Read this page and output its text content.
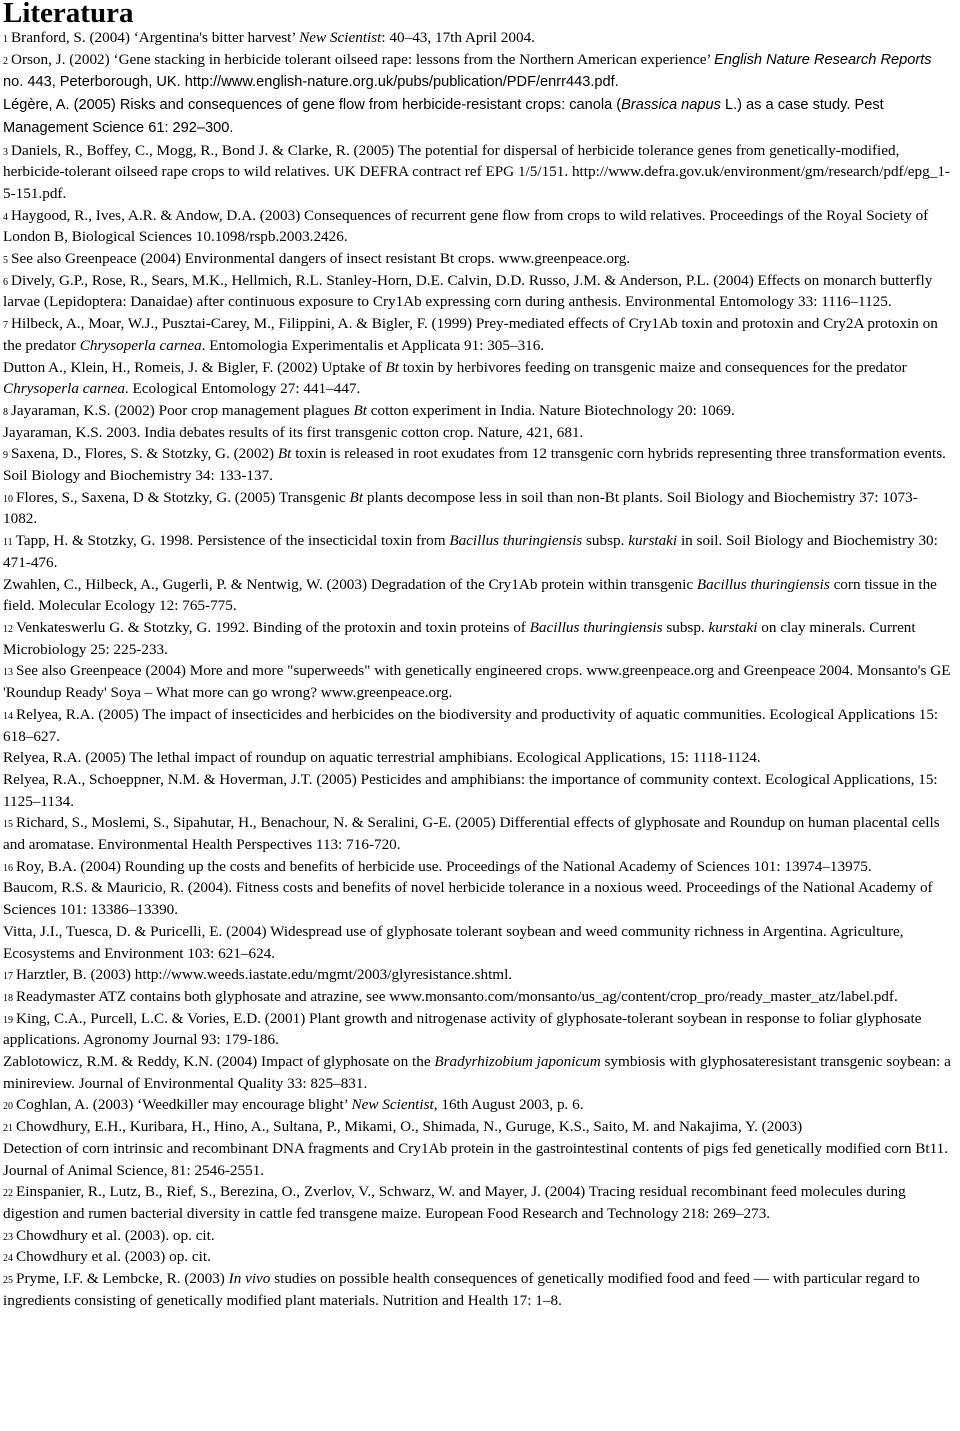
Literatura

1 Branford, S. (2004) ‘Argentina's bitter harvest’ New Scientist: 40–43, 17th April 2004.

2 Orson, J. (2002) ‘Gene stacking in herbicide tolerant oilseed rape: lessons from the Northern American experience’ English Nature Research Reports no. 443, Peterborough, UK. http://www.english-nature.org.uk/pubs/publication/PDF/enrr443.pdf.

Légère, A. (2005) Risks and consequences of gene flow from herbicide-resistant crops: canola (Brassica napus L.) as a case study. Pest Management Science 61: 292–300.

3 Daniels, R., Boffey, C., Mogg, R., Bond J. & Clarke, R. (2005) The potential for dispersal of herbicide tolerance genes from genetically-modified, herbicide-tolerant oilseed rape crops to wild relatives. UK DEFRA contract ref EPG 1/5/151. http://www.defra.gov.uk/environment/gm/research/pdf/epg_1-5-151.pdf.

4 Haygood, R., Ives, A.R. & Andow, D.A. (2003) Consequences of recurrent gene flow from crops to wild relatives. Proceedings of the Royal Society of London B, Biological Sciences 10.1098/rspb.2003.2426.

5 See also Greenpeace (2004) Environmental dangers of insect resistant Bt crops. www.greenpeace.org.

6 Dively, G.P., Rose, R., Sears, M.K., Hellmich, R.L. Stanley-Horn, D.E. Calvin, D.D. Russo, J.M. & Anderson, P.L. (2004) Effects on monarch butterfly larvae (Lepidoptera: Danaidae) after continuous exposure to Cry1Ab expressing corn during anthesis. Environmental Entomology 33: 1116–1125.

7 Hilbeck, A., Moar, W.J., Pusztai-Carey, M., Filippini, A. & Bigler, F. (1999) Prey-mediated effects of Cry1Ab toxin and protoxin and Cry2A protoxin on the predator Chrysoperla carnea. Entomologia Experimentalis et Applicata 91: 305–316.

Dutton A., Klein, H., Romeis, J. & Bigler, F. (2002) Uptake of Bt toxin by herbivores feeding on transgenic maize and consequences for the predator Chrysoperla carnea. Ecological Entomology 27: 441–447.

8 Jayaraman, K.S. (2002) Poor crop management plagues Bt cotton experiment in India. Nature Biotechnology 20: 1069.

Jayaraman, K.S. 2003. India debates results of its first transgenic cotton crop. Nature, 421, 681.

9 Saxena, D., Flores, S. & Stotzky, G. (2002) Bt toxin is released in root exudates from 12 transgenic corn hybrids representing three transformation events. Soil Biology and Biochemistry 34: 133-137.

10 Flores, S., Saxena, D & Stotzky, G. (2005) Transgenic Bt plants decompose less in soil than non-Bt plants. Soil Biology and Biochemistry 37: 1073-1082.

11 Tapp, H. & Stotzky, G. 1998. Persistence of the insecticidal toxin from Bacillus thuringiensis subsp. kurstaki in soil. Soil Biology and Biochemistry 30: 471-476.

Zwahlen, C., Hilbeck, A., Gugerli, P. & Nentwig, W. (2003) Degradation of the Cry1Ab protein within transgenic Bacillus thuringiensis corn tissue in the field. Molecular Ecology 12: 765-775.

12 Venkateswerlu G. & Stotzky, G. 1992. Binding of the protoxin and toxin proteins of Bacillus thuringiensis subsp. kurstaki on clay minerals. Current Microbiology 25: 225-233.

13 See also Greenpeace (2004) More and more "superweeds" with genetically engineered crops. www.greenpeace.org and Greenpeace 2004. Monsanto's GE 'Roundup Ready' Soya – What more can go wrong? www.greenpeace.org.

14 Relyea, R.A. (2005) The impact of insecticides and herbicides on the biodiversity and productivity of aquatic communities. Ecological Applications 15: 618–627.

Relyea, R.A. (2005) The lethal impact of roundup on aquatic terrestrial amphibians. Ecological Applications, 15: 1118-1124.

Relyea, R.A., Schoeppner, N.M. & Hoverman, J.T. (2005) Pesticides and amphibians: the importance of community context. Ecological Applications, 15: 1125–1134.

15 Richard, S., Moslemi, S., Sipahutar, H., Benachour, N. & Seralini, G-E. (2005) Differential effects of glyphosate and Roundup on human placental cells and aromatase. Environmental Health Perspectives 113: 716-720.

16 Roy, B.A. (2004) Rounding up the costs and benefits of herbicide use. Proceedings of the National Academy of Sciences 101: 13974–13975.

Baucom, R.S. & Mauricio, R. (2004). Fitness costs and benefits of novel herbicide tolerance in a noxious weed. Proceedings of the National Academy of Sciences 101: 13386–13390.

Vitta, J.I., Tuesca, D. & Puricelli, E. (2004) Widespread use of glyphosate tolerant soybean and weed community richness in Argentina. Agriculture, Ecosystems and Environment 103: 621–624.

17 Harztler, B. (2003) http://www.weeds.iastate.edu/mgmt/2003/glyresistance.shtml.

18 Readymaster ATZ contains both glyphosate and atrazine, see www.monsanto.com/monsanto/us_ag/content/crop_pro/ready_master_atz/label.pdf.

19 King, C.A., Purcell, L.C. & Vories, E.D. (2001) Plant growth and nitrogenase activity of glyphosate-tolerant soybean in response to foliar glyphosate applications. Agronomy Journal 93: 179-186.

Zablotowicz, R.M. & Reddy, K.N. (2004) Impact of glyphosate on the Bradyrhizobium japonicum symbiosis with glyphosateresistant transgenic soybean: a minireview. Journal of Environmental Quality 33: 825–831.

20 Coghlan, A. (2003) ‘Weedkiller may encourage blight’ New Scientist, 16th August 2003, p. 6.

21 Chowdhury, E.H., Kuribara, H., Hino, A., Sultana, P., Mikami, O., Shimada, N., Guruge, K.S., Saito, M. and Nakajima, Y. (2003)

Detection of corn intrinsic and recombinant DNA fragments and Cry1Ab protein in the gastrointestinal contents of pigs fed genetically modified corn Bt11. Journal of Animal Science, 81: 2546-2551.

22 Einspanier, R., Lutz, B., Rief, S., Berezina, O., Zverlov, V., Schwarz, W. and Mayer, J. (2004) Tracing residual recombinant feed molecules during digestion and rumen bacterial diversity in cattle fed transgene maize. European Food Research and Technology 218: 269–273.

23 Chowdhury et al. (2003). op. cit.

24 Chowdhury et al. (2003) op. cit.

25 Pryme, I.F. & Lembcke, R. (2003) In vivo studies on possible health consequences of genetically modified food and feed — with particular regard to ingredients consisting of genetically modified plant materials. Nutrition and Health 17: 1–8.
